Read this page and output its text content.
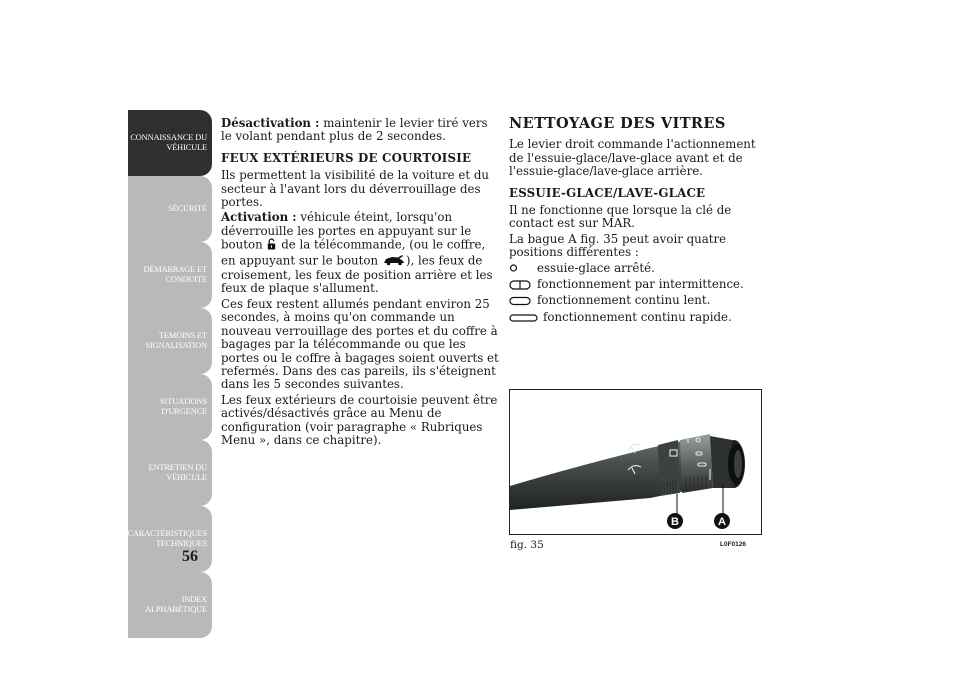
CONNAISSANCE DU
VÉHICULE
SÉCURITÉ
DÉMARRAGE ET
CONDUITE
TEMOINS ET
SIGNALISATION
SITUATIONS
D'URGENCE
ENTRETIEN DU
VÉHICULE
CARACTÉRISTIQUES
TECHNIQUES
INDEX
ALPHABÉTIQUE
56

Désactivation : maintenir le levier tiré vers le volant pendant plus de 2 secondes.

FEUX EXTÉRIEURS DE COURTOISIE

Ils permettent la visibilité de la voiture et du secteur à l'avant lors du déverrouillage des portes.

Activation : véhicule éteint, lorsqu'on déverrouille les portes en appuyant sur le bouton  de la télécommande, (ou le coffre, en appuyant sur le bouton ), les feux de croisement, les feux de position arrière et les feux de plaque s'allument.

Ces feux restent allumés pendant environ 25 secondes, à moins qu'on commande un nouveau verrouillage des portes et du coffre à bagages par la télécommande ou que les portes ou le coffre à bagages soient ouverts et refermés. Dans des cas pareils, ils s'éteignent dans les 5 secondes suivantes.

Les feux extérieurs de courtoisie peuvent être activés/désactivés grâce au Menu de configuration (voir paragraphe « Rubriques Menu », dans ce chapitre).

NETTOYAGE DES VITRES

Le levier droit commande l'actionnement de l'essuie-glace/lave-glace avant et de l'essuie-glace/lave-glace arrière.

ESSUIE-GLACE/LAVE-GLACE

Il ne fonctionne que lorsque la clé de contact est sur MAR.

La bague A fig. 35 peut avoir quatre positions différentes :

essuie-glace arrêté.
fonctionnement par intermittence.
fonctionnement continu lent.
fonctionnement continu rapide.
B	A
fig. 35	L0F0126
